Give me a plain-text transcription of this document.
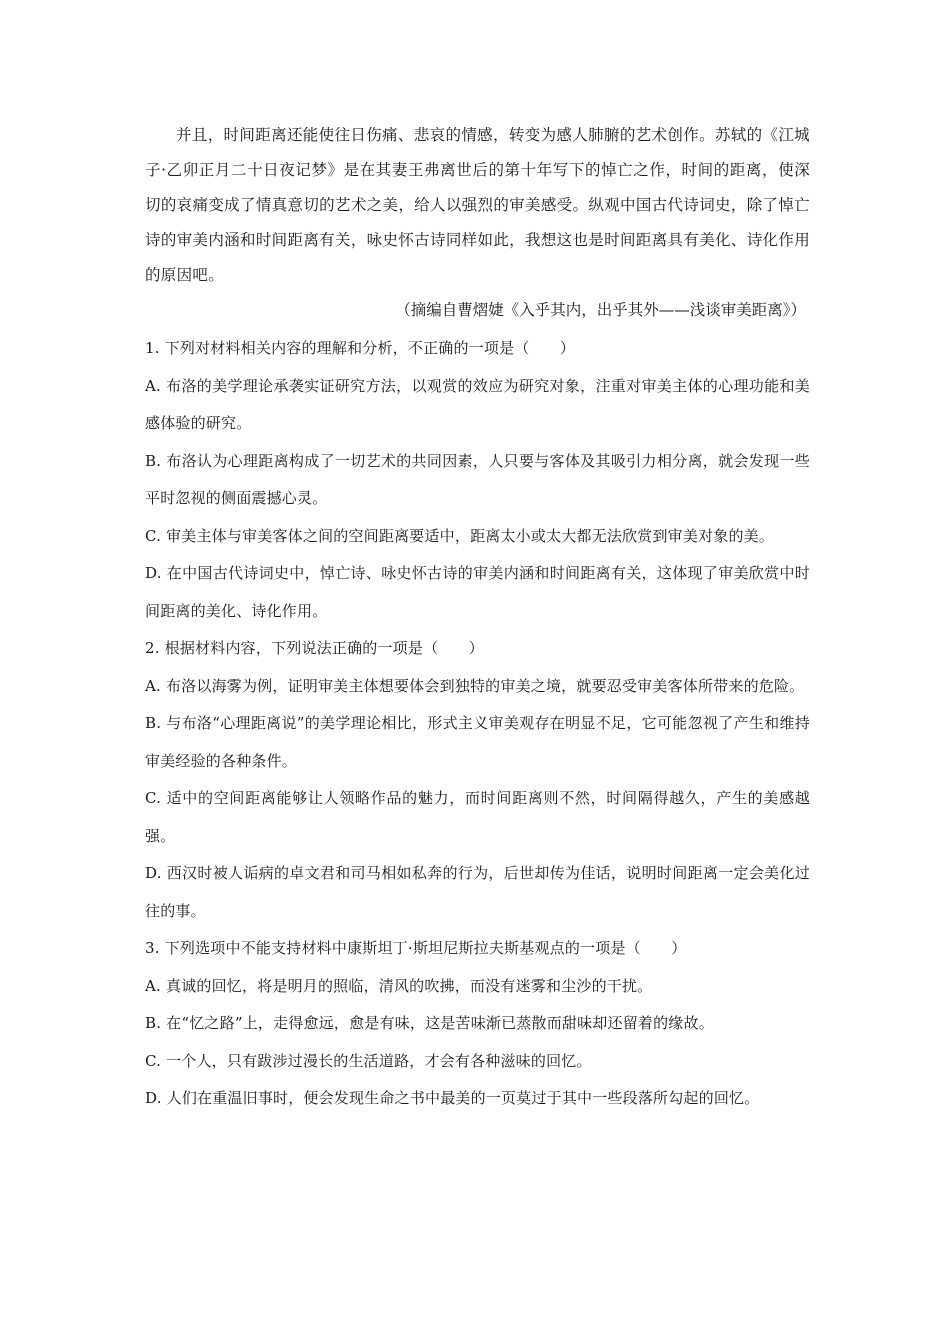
并且，时间距离还能使往日伤痛、悲哀的情感，转变为感人肺腑的艺术创作。苏轼的《江城子·乙卯正月二十日夜记梦》是在其妻王弗离世后的第十年写下的悼亡之作，时间的距离，使深切的哀痛变成了情真意切的艺术之美，给人以强烈的审美感受。纵观中国古代诗词史，除了悼亡诗的审美内涵和时间距离有关，咏史怀古诗同样如此，我想这也是时间距离具有美化、诗化作用的原因吧。

（摘编自曹熠婕《入乎其内，出乎其外——浅谈审美距离》）

1. 下列对材料相关内容的理解和分析，不正确的一项是（　　）

A. 布洛的美学理论承袭实证研究方法，以观赏的效应为研究对象，注重对审美主体的心理功能和美感体验的研究。

B. 布洛认为心理距离构成了一切艺术的共同因素，人只要与客体及其吸引力相分离，就会发现一些平时忽视的侧面震撼心灵。

C. 审美主体与审美客体之间的空间距离要适中，距离太小或太大都无法欣赏到审美对象的美。

D. 在中国古代诗词史中，悼亡诗、咏史怀古诗的审美内涵和时间距离有关，这体现了审美欣赏中时间距离的美化、诗化作用。

2. 根据材料内容，下列说法正确的一项是（　　）

A. 布洛以海雾为例，证明审美主体想要体会到独特的审美之境，就要忍受审美客体所带来的危险。

B. 与布洛“心理距离说”的美学理论相比，形式主义审美观存在明显不足，它可能忽视了产生和维持审美经验的各种条件。

C. 适中的空间距离能够让人领略作品的魅力，而时间距离则不然，时间隔得越久，产生的美感越强。

D. 西汉时被人诟病的卓文君和司马相如私奔的行为，后世却传为佳话，说明时间距离一定会美化过往的事。

3. 下列选项中不能支持材料中康斯坦丁·斯坦尼斯拉夫斯基观点的一项是（　　）

A. 真诚的回忆，将是明月的照临，清风的吹拂，而没有迷雾和尘沙的干扰。

B. 在“忆之路”上，走得愈远，愈是有味，这是苦味渐已蒸散而甜味却还留着的缘故。

C. 一个人，只有跋涉过漫长的生活道路，才会有各种滋味的回忆。

D. 人们在重温旧事时，便会发现生命之书中最美的一页莫过于其中一些段落所勾起的回忆。
